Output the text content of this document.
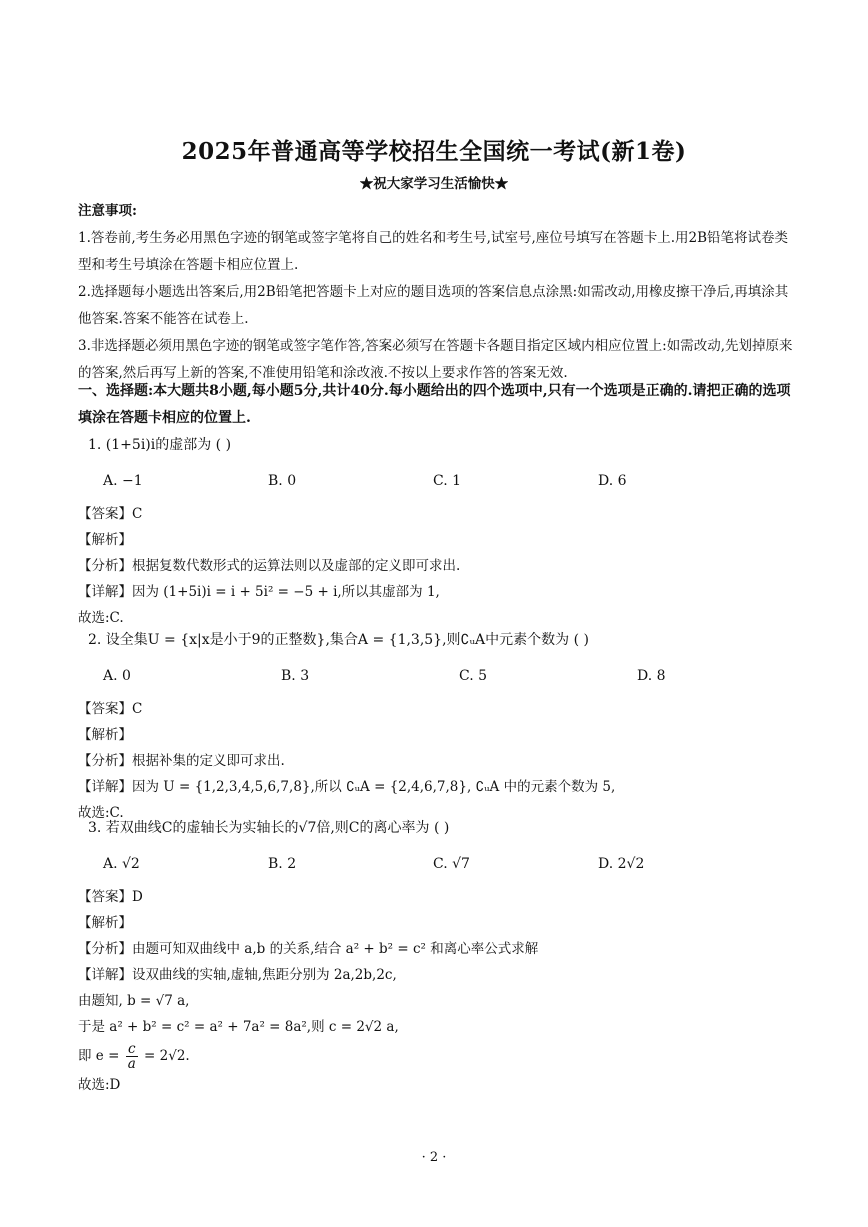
2025年普通高等学校招生全国统一考试(新1卷)
★祝大家学习生活愉快★
注意事项:
1.答卷前,考生务必用黑色字迹的钢笔或签字笔将自己的姓名和考生号,试室号,座位号填写在答题卡上.用2B铅笔将试卷类型和考生号填涂在答题卡相应位置上.
2.选择题每小题选出答案后,用2B铅笔把答题卡上对应的题目选项的答案信息点涂黑:如需改动,用橡皮擦干净后,再填涂其他答案.答案不能答在试卷上.
3.非选择题必须用黑色字迹的钢笔或签字笔作答,答案必须写在答题卡各题目指定区域内相应位置上:如需改动,先划掉原来的答案,然后再写上新的答案,不准使用铅笔和涂改液.不按以上要求作答的答案无效.
一、选择题:本大题共8小题,每小题5分,共计40分.每小题给出的四个选项中,只有一个选项是正确的.请把正确的选项填涂在答题卡相应的位置上.
1. (1+5i)i的虚部为 ( )
A. −1	B. 0	C. 1	D. 6
【答案】C
【解析】
【分析】根据复数代数形式的运算法则以及虚部的定义即可求出.
【详解】因为 (1+5i)i = i + 5i² = −5 + i,所以其虚部为 1,
故选:C.
2. 设全集U = {x|x是小于9的正整数},集合A = {1,3,5},则∁ᵤA中元素个数为 ( )
A. 0	B. 3	C. 5	D. 8
【答案】C
【解析】
【分析】根据补集的定义即可求出.
【详解】因为 U = {1,2,3,4,5,6,7,8},所以 ∁ᵤA = {2,4,6,7,8}, ∁ᵤA 中的元素个数为 5,
故选:C.
3. 若双曲线C的虚轴长为实轴长的√7倍,则C的离心率为 ( )
A. √2	B. 2	C. √7	D. 2√2
【答案】D
【解析】
【分析】由题可知双曲线中 a,b 的关系,结合 a² + b² = c² 和离心率公式求解
【详解】设双曲线的实轴,虚轴,焦距分别为 2a,2b,2c,
由题知, b = √7 a,
于是 a² + b² = c² = a² + 7a² = 8a²,则 c = 2√2 a,
即 $e = \frac{c}{a} = 2√2$.
故选:D
· 2 ·
